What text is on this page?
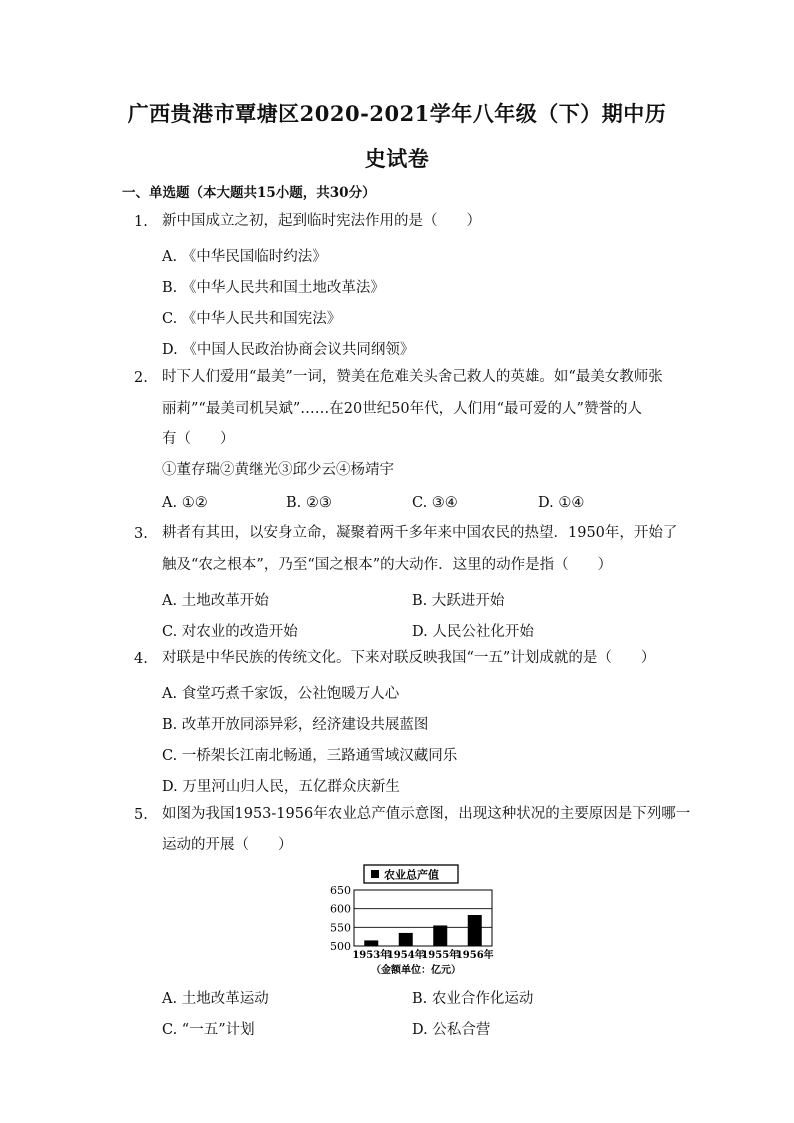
广西贵港市覃塘区2020-2021学年八年级（下）期中历
史试卷
一、单选题（本大题共15小题，共30分）
1. 新中国成立之初，起到临时宪法作用的是（　　）
A. 《中华民国临时约法》
B. 《中华人民共和国土地改革法》
C. 《中华人民共和国宪法》
D. 《中国人民政治协商会议共同纲领》
2. 时下人们爱用“最美”一词，赞美在危难关头舍己救人的英雄。如“最美女教师张
丽莉”“最美司机吴斌”……在20世纪50年代，人们用“最可爱的人”赞誉的人
有（　　）
①董存瑞②黄继光③邱少云④杨靖宇
A. ①②	B. ②③	C. ③④	D. ①④
3. 耕者有其田，以安身立命，凝聚着两千多年来中国农民的热望．1950年，开始了
触及“农之根本”，乃至“国之根本”的大动作．这里的动作是指（　　）
A. 土地改革开始	B. 大跃进开始
C. 对农业的改造开始	D. 人民公社化开始
4. 对联是中华民族的传统文化。下来对联反映我国“一五”计划成就的是（　　）
A. 食堂巧煮千家饭，公社饱暖万人心
B. 改革开放同添异彩，经济建设共展蓝图
C. 一桥架长江南北畅通，三路通雪域汉藏同乐
D. 万里河山归人民，五亿群众庆新生
5. 如图为我国1953-1956年农业总产值示意图，出现这种状况的主要原因是下列哪一
运动的开展（　　）
650
600
550
500
1953年
1954年
1955年
1956年
农业总产值
（金额单位：亿元）
A. 土地改革运动	B. 农业合作化运动
C. “一五”计划	D. 公私合营
